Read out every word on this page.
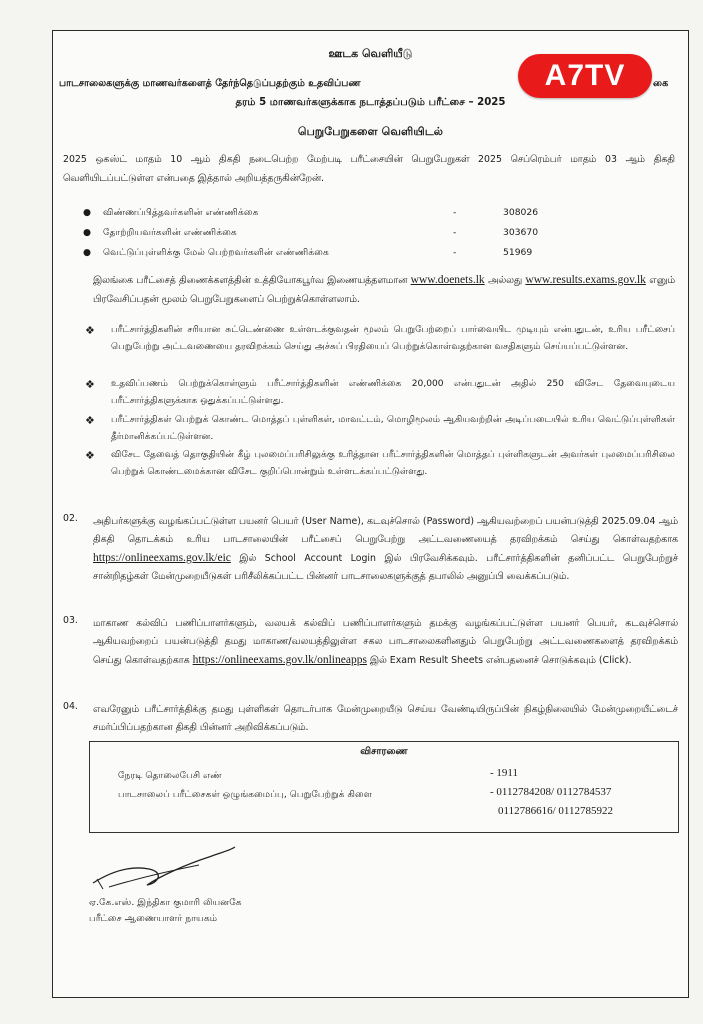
ஊடக வெளியீடு
பாடசாலைகளுக்கு மாணவர்களைத் தேர்ந்தெடுப்பதற்கும் உதவிப்பண	கை
தரம் 5 மாணவர்களுக்காக நடாத்தப்படும் பரீட்சை – 2025
பெறுபேறுகளை வெளியிடல்
2025 ஒகஸ்ட் மாதம் 10 ஆம் திகதி நடைபெற்ற மேற்படி பரீட்சையின் பெறுபேறுகள் 2025 செப்ரெம்பர் மாதம் 03 ஆம் திகதி வெளியிடப்பட்டுள்ள என்பதை இத்தால் அறியத்தருகின்றேன்.
● விண்ணப்பித்தவர்களின் எண்ணிக்கை	-	308026
● தோற்றியவர்களின் எண்ணிக்கை	-	303670
● வெட்டுப்புள்ளிக்கு மேல் பெற்றவர்களின் எண்ணிக்கை	-	51969
இலங்கை பரீட்சைத் திணைக்களத்தின் உத்தியோகபூர்வ இணையத்தளமான www.doenets.lk அல்லது www.results.exams.gov.lk எனும் பிரவேசிப்பதன் மூலம் பெறுபேறுகளைப் பெற்றுக்கொள்ளலாம்.
❖ பரீட்சார்த்திகளின் சரியான சுட்டெண்ணை உள்ளடக்குவதன் மூலம் பெறுபேற்றைப் பார்வையிட முடியும் என்பதுடன், உரிய பரீட்சைப் பெறுபேற்று அட்டவணையை தரவிறக்கம் செய்து அச்சுப் பிரதியைப் பெற்றுக்கொள்வதற்கான வசதிகளும் செய்யப்பட்டுள்ளன.
❖ உதவிப்பணம் பெற்றுக்கொள்ளும் பரீட்சார்த்திகளின் எண்ணிக்கை 20,000 என்பதுடன் அதில் 250 விசேட தேவையுடைய பரீட்சார்த்திகளுக்காக ஒதுக்கப்பட்டுள்ளது.
❖ பரீட்சார்த்திகள் பெற்றுக் கொண்ட மொத்தப் புள்ளிகள், மாவட்டம், மொழிமூலம் ஆகியவற்றின் அடிப்படையில் உரிய வெட்டுப்புள்ளிகள் தீர்மானிக்கப்பட்டுள்ளன.
❖ விசேட தேவைத் தொகுதியின் கீழ் புலமைப்பரிசிலுக்கு உரித்தான பரீட்சார்த்திகளின் மொத்தப் புள்ளிகளுடன் அவர்கள் புலமைப்பரிசிலை பெற்றுக் கொண்டமைக்கான விசேட குறிப்பொன்றும் உள்ளடக்கப்பட்டுள்ளது.
02. அதிபர்களுக்கு வழங்கப்பட்டுள்ள பயனர் பெயர் (User Name), கடவுச்சொல் (Password) ஆகியவற்றைப் பயன்படுத்தி 2025.09.04 ஆம் திகதி தொடக்கம் உரிய பாடசாலையின் பரீட்சைப் பெறுபேற்று அட்டவணையைத் தரவிறக்கம் செய்து கொள்வதற்காக https://onlineexams.gov.lk/eic இல் School Account Login இல் பிரவேசிக்கவும். பரீட்சார்த்திகளின் தனிப்பட்ட பெறுபேற்றுச் சான்றிதழ்கள் மேன்முறையீடுகள் பரிசீலிக்கப்பட்ட பின்னர் பாடசாலைகளுக்குத் தபாலில் அனுப்பி வைக்கப்படும்.
03. மாகாண கல்விப் பணிப்பாளர்களும், வலயக் கல்விப் பணிப்பாளர்களும் தமக்கு வழங்கப்பட்டுள்ள பயனர் பெயர், கடவுச்சொல் ஆகியவற்றைப் பயன்படுத்தி தமது மாகாண/வலயத்திலுள்ள சகல பாடசாலைகளினதும் பெறுபேற்று அட்டவணைகளைத் தரவிறக்கம் செய்து கொள்வதற்காக https://onlineexams.gov.lk/onlineapps இல் Exam Result Sheets என்பதனைச் சொடுக்கவும் (Click).
04. எவரேனும் பரீட்சார்த்திக்கு தமது புள்ளிகள் தொடர்பாக மேன்முறையீடு செய்ய வேண்டியிருப்பின் நிகழ்நிலையில் மேன்முறையீட்டைச் சமர்ப்பிப்பதற்கான திகதி பின்னர் அறிவிக்கப்படும்.
விசாரணை
நேரடி தொலைபேசி எண்	- 1911
பாடசாலைப் பரீட்சைகள் ஒழுங்கமைப்பு, பெறுபேற்றுக் கிளை	- 0112784208/ 0112784537
0112786616/ 0112785922
ஏ.கே.எஸ். இந்திகா குமாரி லியனகே
பரீட்சை ஆணையாளர் நாயகம்
A7TV
